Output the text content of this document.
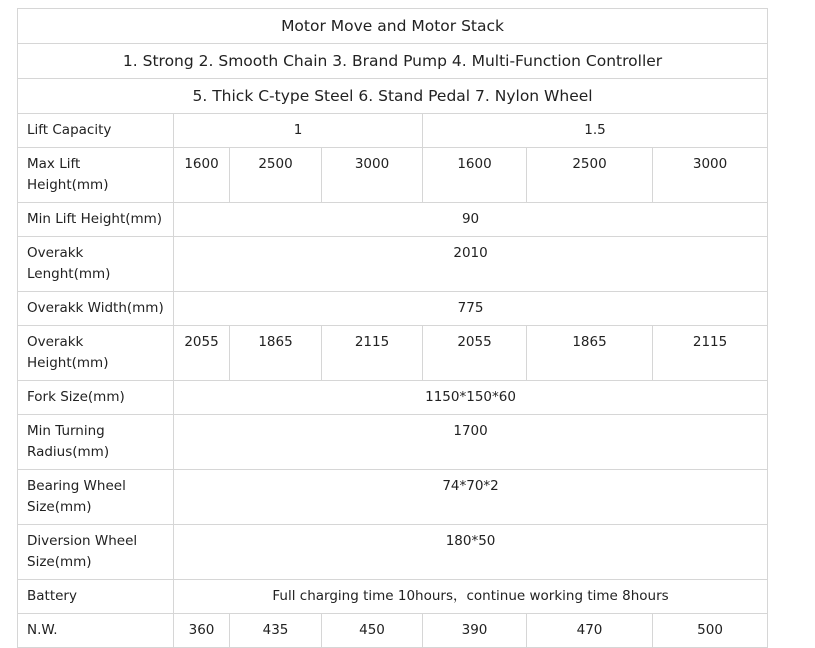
Motor Move and Motor Stack						
1. Strong 2. Smooth Chain 3. Brand Pump 4. Multi-Function Controller						
5. Thick C-type Steel 6. Stand Pedal 7. Nylon Wheel						
Lift Capacity	1			1.5		
Max Lift Height(mm)	1600	2500	3000	1600	2500	3000
Min Lift Height(mm)	90					
Overakk Lenght(mm)	2010					
Overakk Width(mm)	775					
Overakk Height(mm)	2055	1865	2115	2055	1865	2115
Fork Size(mm)	1150*150*60					
Min Turning Radius(mm)	1700					
Bearing Wheel Size(mm)	74*70*2					
Diversion Wheel Size(mm)	180*50					
Battery	Full charging time 10hours，continue working time 8hours					
N.W.	360	435	450	390	470	500
